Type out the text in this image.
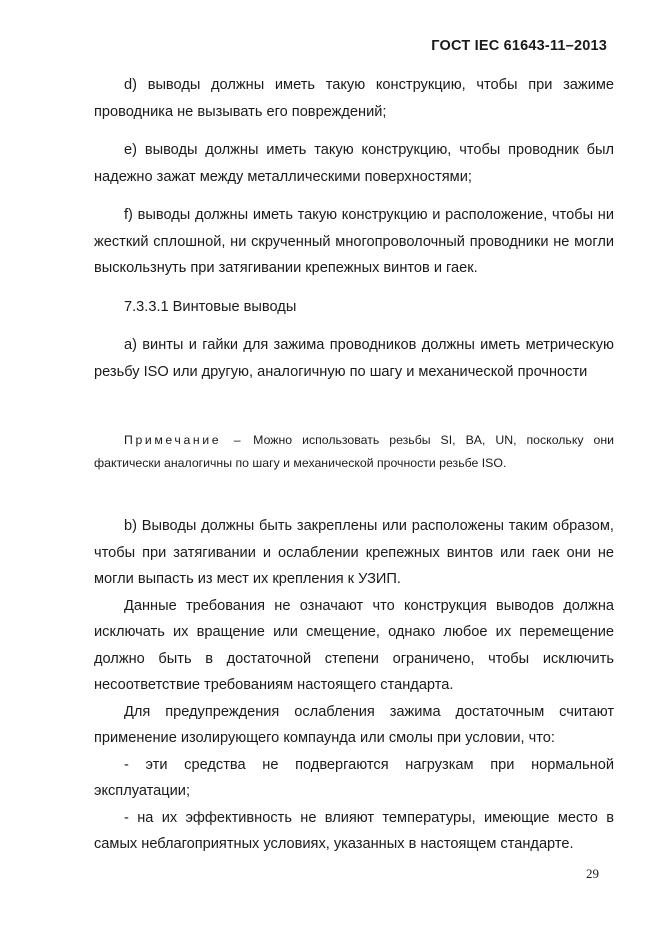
ГОСТ IEC 61643-11–2013

d) выводы должны иметь такую конструкцию, чтобы при зажиме проводника не вызывать его повреждений;

e) выводы должны иметь такую конструкцию, чтобы проводник был надежно зажат между металлическими поверхностями;

f) выводы должны иметь такую конструкцию и расположение, чтобы ни жесткий сплошной, ни скрученный многопроволочный проводники не могли выскользнуть при затягивании крепежных винтов и гаек.

7.3.3.1 Винтовые выводы

a) винты и гайки для зажима проводников должны иметь метрическую резьбу ISO или другую, аналогичную по шагу и механической прочности

Примечание – Можно использовать резьбы SI, BA, UN, поскольку они фактически аналогичны по шагу и механической прочности резьбе ISO.

b) Выводы должны быть закреплены или расположены таким образом, чтобы при затягивании и ослаблении крепежных винтов или гаек они не могли выпасть из мест их крепления к УЗИП.

Данные требования не означают что конструкция выводов должна исключать их вращение или смещение, однако любое их перемещение должно быть в достаточной степени ограничено, чтобы исключить несоответствие требованиям настоящего стандарта.

Для предупреждения ослабления зажима достаточным считают применение изолирующего компаунда или смолы при условии, что:

- эти средства не подвергаются нагрузкам при нормальной эксплуатации;

- на их эффективность не влияют температуры, имеющие место в самых неблагоприятных условиях, указанных в настоящем стандарте.

29
